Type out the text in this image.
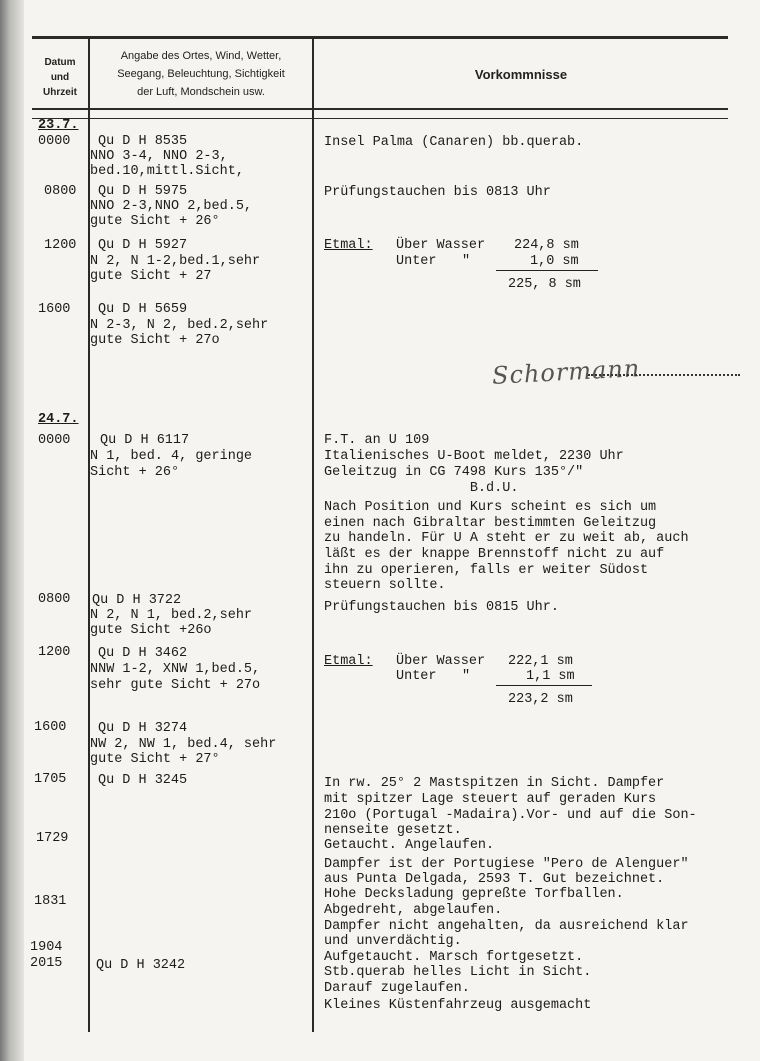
Datum
und
Uhrzeit
Angabe des Ortes, Wind, Wetter,
Seegang, Beleuchtung, Sichtigkeit
der Luft, Mondschein usw.
Vorkommnisse
23.7.
0000 Qu D H 8535
NNO 3-4, NNO 2-3,
bed.10,mittl.Sicht,
Insel Palma (Canaren) bb.querab.
0800 Qu D H 5975
NNO 2-3,NNO 2,bed.5,
gute Sicht + 26°
Prüfungstauchen bis 0813 Uhr
1200 Qu D H 5927
N 2, N 1-2,bed.1,sehr
gute Sicht + 27
Etmal: Über Wasser 224,8 sm
Unter "	1,0 sm
225, 8 sm
1600 Qu D H 5659
N 2-3, N 2, bed.2,sehr
gute Sicht + 27o
Schormann
24.7.
0000 Qu D H 6117
N 1, bed. 4, geringe
Sicht + 26°
F.T. an U 109
Italienisches U-Boot meldet, 2230 Uhr
Geleitzug in CG 7498 Kurs 135°/"
B.d.U.
Nach Position und Kurs scheint es sich um
einen nach Gibraltar bestimmten Geleitzug
zu handeln. Für U A steht er zu weit ab, auch
läßt es der knappe Brennstoff nicht zu auf
ihn zu operieren, falls er weiter Südost
steuern sollte.
0800 Qu D H 3722
N 2, N 1, bed.2,sehr
gute Sicht +26o
Prüfungstauchen bis 0815 Uhr.
1200 Qu D H 3462
NNW 1-2, XNW 1,bed.5,
sehr gute Sicht + 27o
Etmal: Über Wasser 222,1 sm
Unter "	1,1 sm
223,2 sm
1600 Qu D H 3274
NW 2, NW 1, bed.4, sehr
gute Sicht + 27°
1705 Qu D H 3245
1729
1831
1904
2015 Qu D H 3242
In rw. 25° 2 Mastspitzen in Sicht. Dampfer
mit spitzer Lage steuert auf geraden Kurs
210o (Portugal -Madaira).Vor- und auf die Son-
nenseite gesetzt.
Getaucht. Angelaufen.
Dampfer ist der Portugiese "Pero de Alenguer"
aus Punta Delgada, 2593 T. Gut bezeichnet.
Hohe Decksladung gepreßte Torfballen.
Abgedreht, abgelaufen.
Dampfer nicht angehalten, da ausreichend klar
und unverdächtig.
Aufgetaucht. Marsch fortgesetzt.
Stb.querab helles Licht in Sicht.
Darauf zugelaufen.
Kleines Küstenfahrzeug ausgemacht
